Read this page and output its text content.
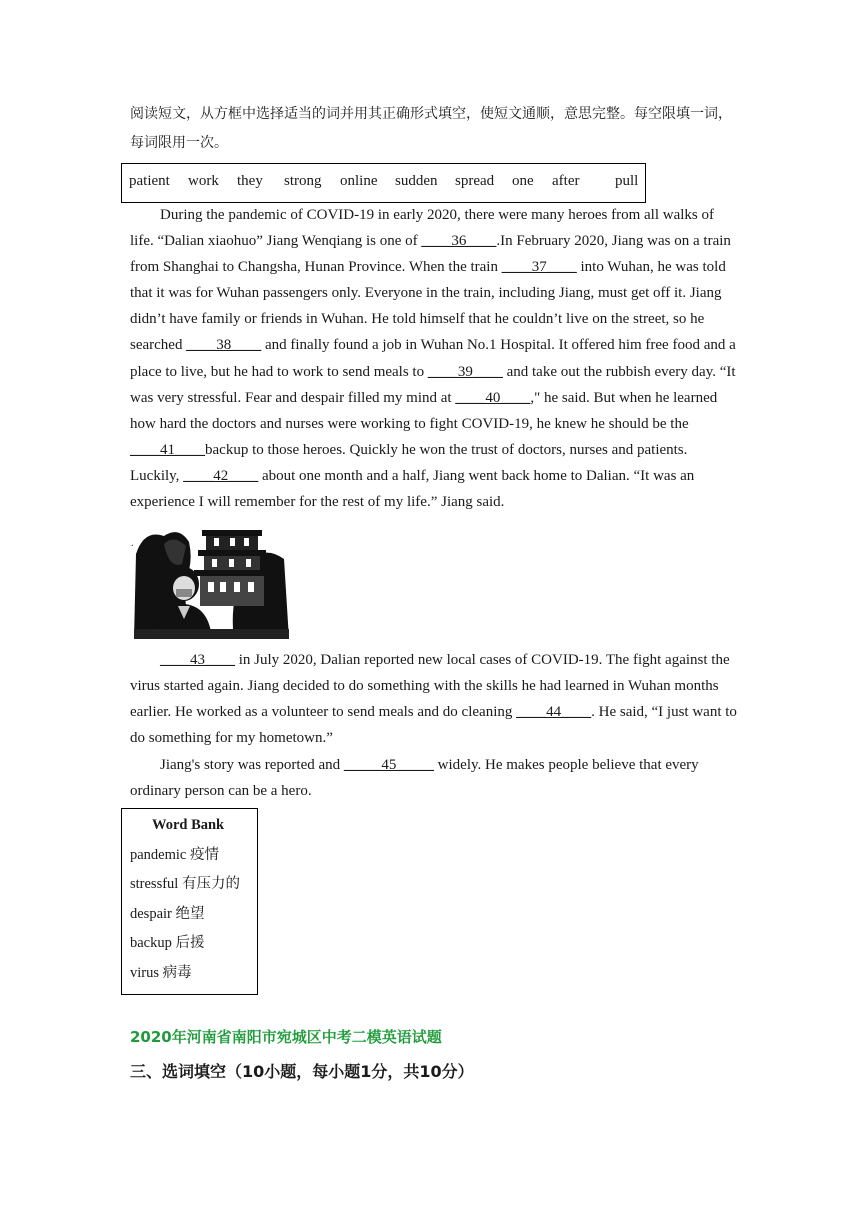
阅读短文，从方框中选择适当的词并用其正确形式填空，使短文通顺，意思完整。每空限填一词，每词限用一次。
patient work they strong online sudden spread one after pull

During the pandemic of COVID-19 in early 2020, there were many heroes from all walks of life. “Dalian xiaohuo” Jiang Wenqiang is one of ____36____.In February 2020, Jiang was on a train from Shanghai to Changsha, Hunan Province. When the train ____37____ into Wuhan, he was told that it was for Wuhan passengers only. Everyone in the train, including Jiang, must get off it. Jiang didn’t have family or friends in Wuhan. He told himself that he couldn’t live on the street, so he searched ____38____ and finally found a job in Wuhan No.1 Hospital. It offered him free food and a place to live, but he had to work to send meals to ____39____ and take out the rubbish every day. “It was very stressful. Fear and despair filled my mind at ____40____," he said. But when he learned how hard the doctors and nurses were working to fight COVID-19, he knew he should be the ____41____backup to those heroes. Quickly he won the trust of doctors, nurses and patients. Luckily, ____42____ about one month and a half, Jiang went back home to Dalian. “It was an experience I will remember for the rest of my life.” Jiang said.

.

____43____ in July 2020, Dalian reported new local cases of COVID-19. The fight against the virus started again. Jiang decided to do something with the skills he had learned in Wuhan months earlier. He worked as a volunteer to send meals and do cleaning ____44____. He said, “I just want to do something for my hometown.”

Jiang's story was reported and _____45_____ widely. He makes people believe that every ordinary person can be a hero.

Word Bank
pandemic 疫情
stressful 有压力的
despair 绝望
backup 后援
virus 病毒
2020年河南省南阳市宛城区中考二模英语试题
三、选词填空（10小题，每小题1分，共10分）
